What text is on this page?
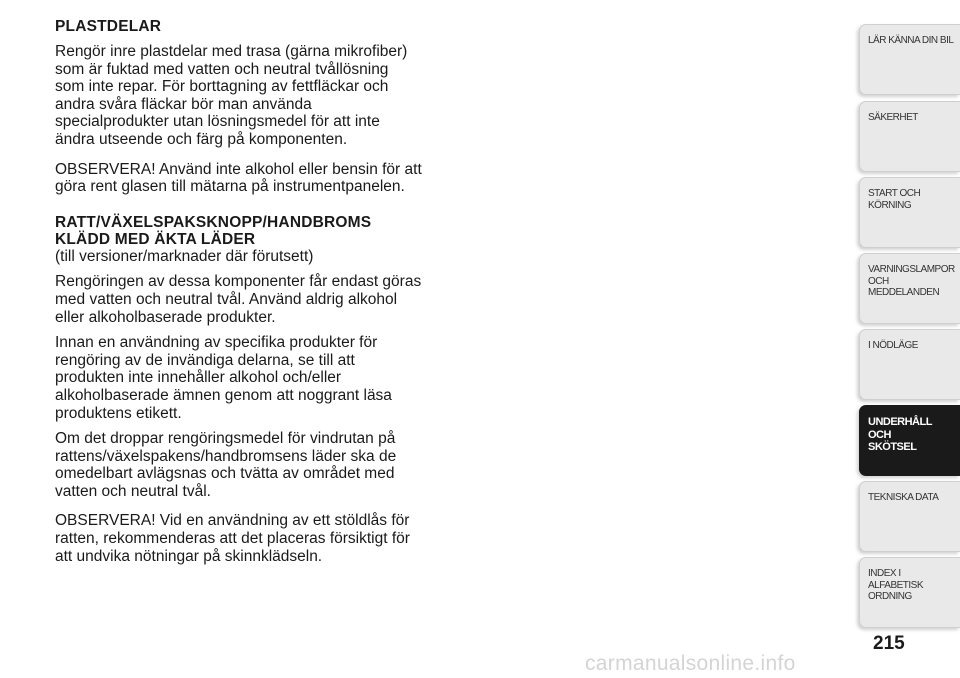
PLASTDELAR

Rengör inre plastdelar med trasa (gärna mikrofiber)
som är fuktad med vatten och neutral tvållösning
som inte repar. För borttagning av fettfläckar och
andra svåra fläckar bör man använda
specialprodukter utan lösningsmedel för att inte
ändra utseende och färg på komponenten.

OBSERVERA! Använd inte alkohol eller bensin för att
göra rent glasen till mätarna på instrumentpanelen.

RATT/VÄXELSPAKSKNOPP/HANDBROMS
KLÄDD MED ÄKTA LÄDER

(till versioner/marknader där förutsett)

Rengöringen av dessa komponenter får endast göras
med vatten och neutral tvål. Använd aldrig alkohol
eller alkoholbaserade produkter.

Innan en användning av specifika produkter för
rengöring av de invändiga delarna, se till att
produkten inte innehåller alkohol och/eller
alkoholbaserade ämnen genom att noggrant läsa
produktens etikett.

Om det droppar rengöringsmedel för vindrutan på
rattens/växelspakens/handbromsens läder ska de
omedelbart avlägsnas och tvätta av området med
vatten och neutral tvål.

OBSERVERA! Vid en användning av ett stöldlås för
ratten, rekommenderas att det placeras försiktigt för
att undvika nötningar på skinnklädseln.

LÄR KÄNNA DIN BIL
SÄKERHET
START OCH
KÖRNING
VARNINGSLAMPOR
OCH
MEDDELANDEN
I NÖDLÄGE
UNDERHÅLL OCH
SKÖTSEL
TEKNISKA DATA
INDEX I ALFABETISK
ORDNING
215
carmanualsonline.info
